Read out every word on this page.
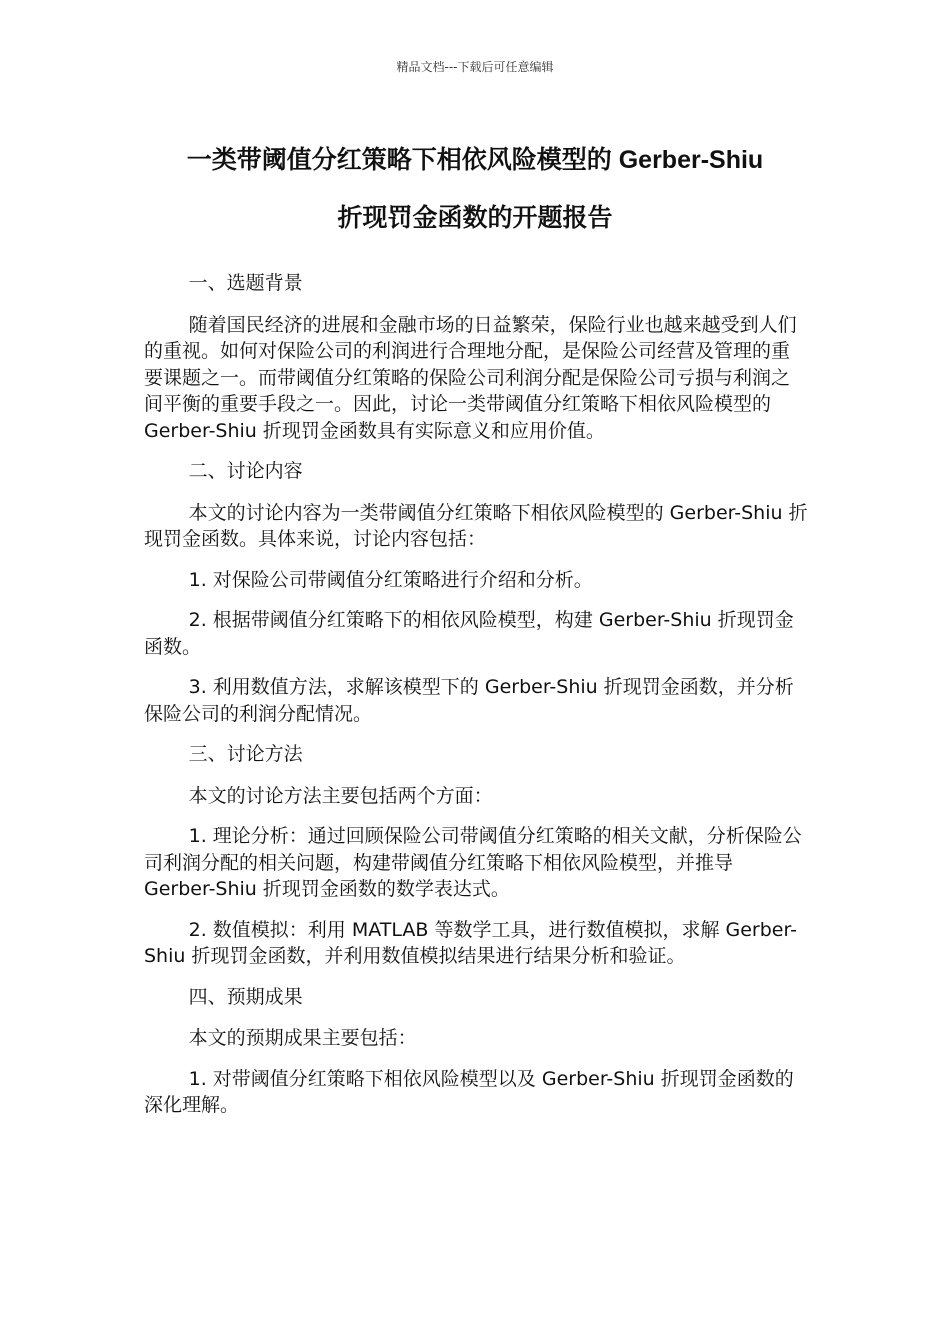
精品文档---下载后可任意编辑
一类带阈值分红策略下相依风险模型的 Gerber-Shiu
折现罚金函数的开题报告

一、选题背景

随着国民经济的进展和金融市场的日益繁荣，保险行业也越来越受到人们的重视。如何对保险公司的利润进行合理地分配，是保险公司经营及管理的重要课题之一。而带阈值分红策略的保险公司利润分配是保险公司亏损与利润之间平衡的重要手段之一。因此，讨论一类带阈值分红策略下相依风险模型的 Gerber-Shiu 折现罚金函数具有实际意义和应用价值。

二、讨论内容

本文的讨论内容为一类带阈值分红策略下相依风险模型的 Gerber-Shiu 折现罚金函数。具体来说，讨论内容包括：

1. 对保险公司带阈值分红策略进行介绍和分析。

2. 根据带阈值分红策略下的相依风险模型，构建 Gerber-Shiu 折现罚金函数。

3. 利用数值方法，求解该模型下的 Gerber-Shiu 折现罚金函数，并分析保险公司的利润分配情况。

三、讨论方法

本文的讨论方法主要包括两个方面：

1. 理论分析：通过回顾保险公司带阈值分红策略的相关文献，分析保险公司利润分配的相关问题，构建带阈值分红策略下相依风险模型，并推导 Gerber-Shiu 折现罚金函数的数学表达式。

2. 数值模拟：利用 MATLAB 等数学工具，进行数值模拟，求解 Gerber-Shiu 折现罚金函数，并利用数值模拟结果进行结果分析和验证。

四、预期成果

本文的预期成果主要包括：

1. 对带阈值分红策略下相依风险模型以及 Gerber-Shiu 折现罚金函数的深化理解。
